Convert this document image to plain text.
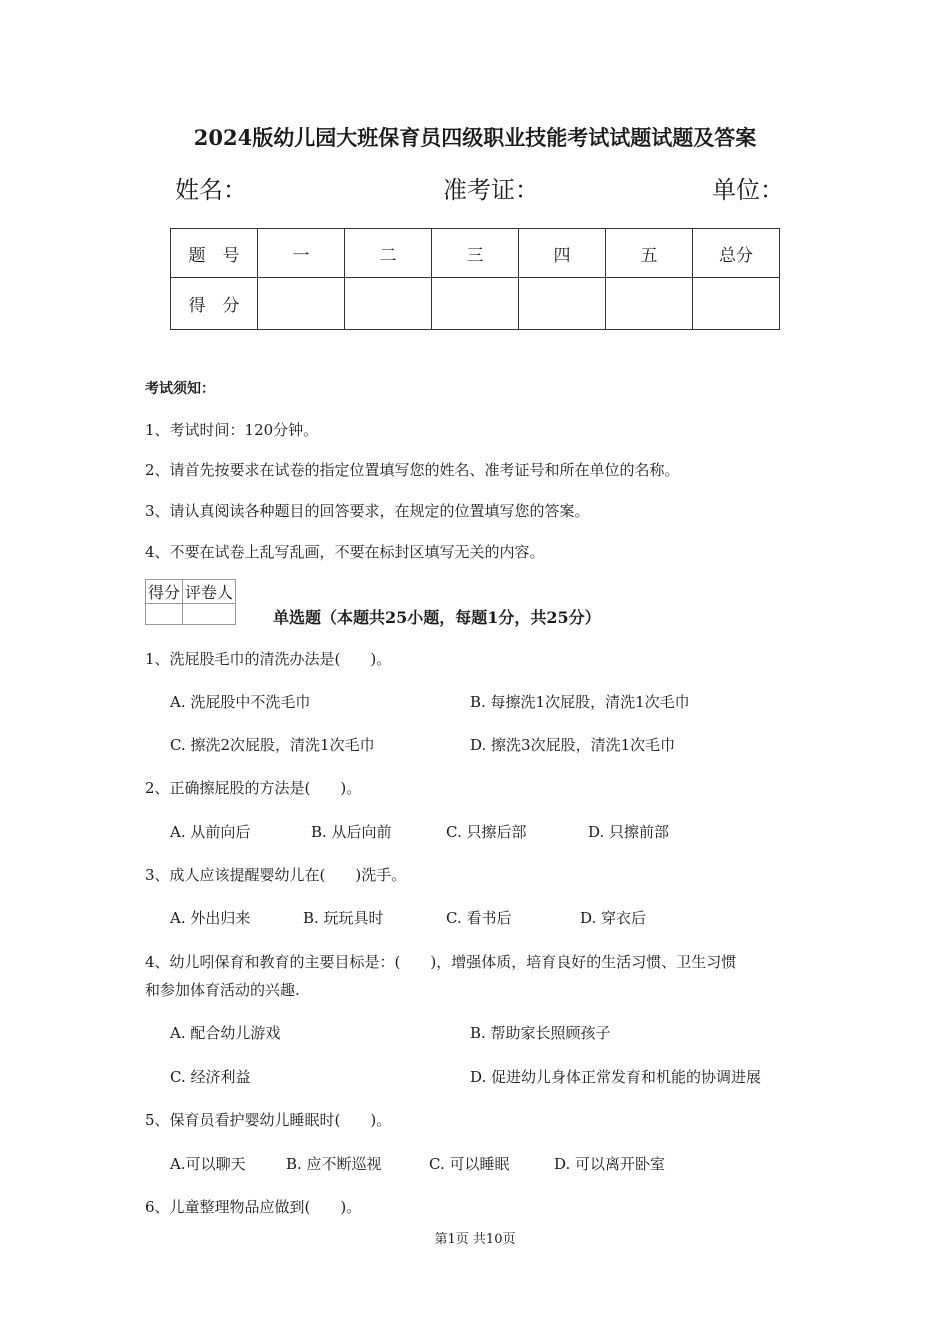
2024版幼儿园大班保育员四级职业技能考试试题试题及答案
姓名：	准考证：	单位：
题　号	一	二	三	四	五	总分
得　分						
考试须知：
1、考试时间：120分钟。
2、请首先按要求在试卷的指定位置填写您的姓名、准考证号和所在单位的名称。
3、请认真阅读各种题目的回答要求，在规定的位置填写您的答案。
4、不要在试卷上乱写乱画，不要在标封区填写无关的内容。
得分	评卷人

单选题（本题共25小题，每题1分，共25分）
1、洗屁股毛巾的清洗办法是(　　)。
A. 洗屁股中不洗毛巾	B. 每擦洗1次屁股，清洗1次毛巾
C. 擦洗2次屁股，清洗1次毛巾	D. 擦洗3次屁股，清洗1次毛巾
2、正确擦屁股的方法是(　　)。
A. 从前向后	B. 从后向前	C. 只擦后部	D. 只擦前部
3、成人应该提醒婴幼儿在(　　)洗手。
A. 外出归来	B. 玩玩具时	C. 看书后	D. 穿衣后
4、幼儿吲保育和教育的主要目标是：(　　)，增强体质，培育良好的生活习惯、卫生习惯
和参加体育活动的兴趣.
A. 配合幼儿游戏	B. 帮助家长照顾孩子
C. 经济利益	D. 促进幼儿身体正常发育和机能的协调进展
5、保育员看护婴幼儿睡眠时(　　)。
A.可以聊天	B. 应不断巡视	C. 可以睡眠	D. 可以离开卧室
6、儿童整理物品应做到(　　)。
第1页 共10页
